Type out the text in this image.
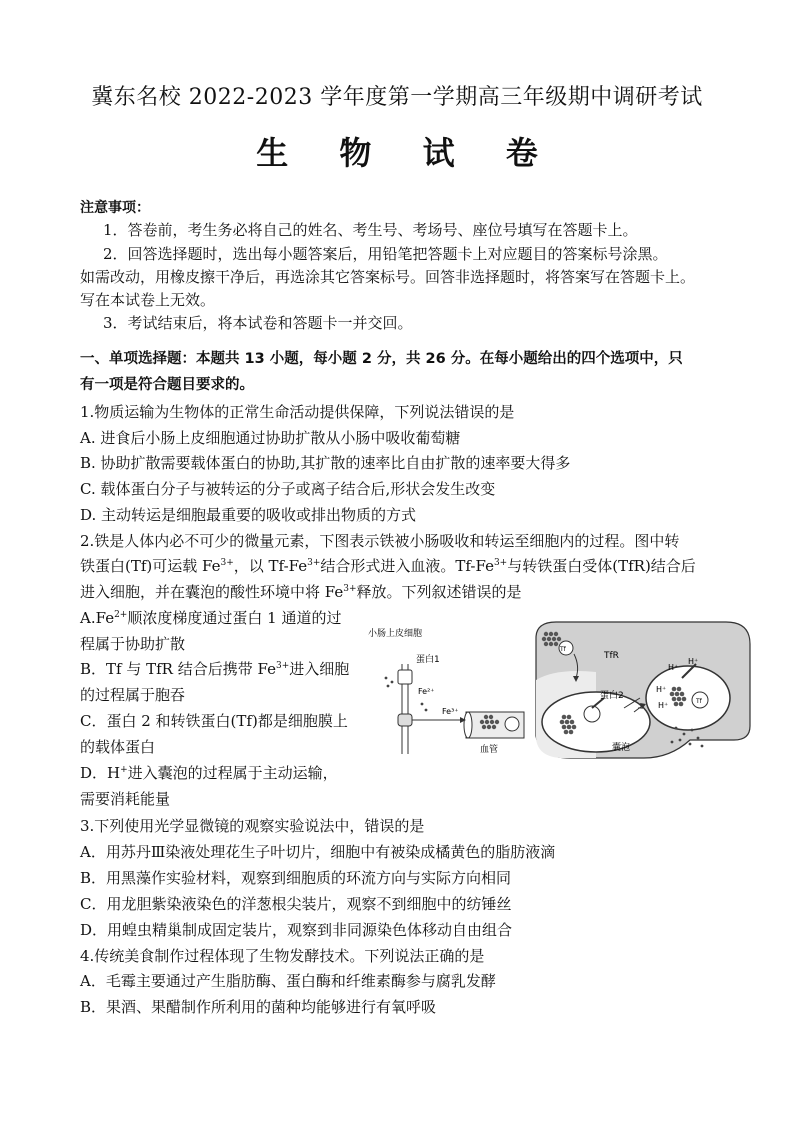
冀东名校 2022-2023 学年度第一学期高三年级期中调研考试
生 物 试 卷
注意事项：
1．答卷前，考生务必将自己的姓名、考生号、考场号、座位号填写在答题卡上。
2．回答选择题时，选出每小题答案后，用铅笔把答题卡上对应题目的答案标号涂黑。
如需改动，用橡皮擦干净后，再选涂其它答案标号。回答非选择题时，将答案写在答题卡上。
写在本试卷上无效。
3．考试结束后，将本试卷和答题卡一并交回。
一、单项选择题：本题共 13 小题，每小题 2 分，共 26 分。在每小题给出的四个选项中，只
有一项是符合题目要求的。
1.物质运输为生物体的正常生命活动提供保障，下列说法错误的是
A. 进食后小肠上皮细胞通过协助扩散从小肠中吸收葡萄糖
B. 协助扩散需要载体蛋白的协助,其扩散的速率比自由扩散的速率要大得多
C. 载体蛋白分子与被转运的分子或离子结合后,形状会发生改变
D. 主动转运是细胞最重要的吸收或排出物质的方式
2.铁是人体内必不可少的微量元素，下图表示铁被小肠吸收和转运至细胞内的过程。图中转
铁蛋白(Tf)可运载 $Fe^{3+}$，以 $Tf-Fe^{3+}$结合形式进入血液。$Tf-Fe^{3+}$与转铁蛋白受体(TfR)结合后
进入细胞，并在囊泡的酸性环境中将 $Fe^{3+}$释放。下列叙述错误的是
$A.Fe^{2+}$顺浓度梯度通过蛋白 1 通道的过
程属于协助扩散
B．Tf 与 TfR 结合后携带 $Fe^{3+}$进入细胞
的过程属于胞吞
C．蛋白 2 和转铁蛋白(Tf)都是细胞膜上
的载体蛋白
D．H+进入囊泡的过程属于主动运输，
需要消耗能量
小肠上皮细胞
蛋白1
Fe²⁺
Fe³⁺
血管
TfR
蛋白2
囊泡
Tf
Tf
H⁺
H⁺
H⁺
H⁺
3.下列使用光学显微镜的观察实验说法中，错误的是
A．用苏丹Ⅲ染液处理花生子叶切片，细胞中有被染成橘黄色的脂肪液滴
B．用黑藻作实验材料，观察到细胞质的环流方向与实际方向相同
C．用龙胆紫染液染色的洋葱根尖装片，观察不到细胞中的纺锤丝
D．用蝗虫精巢制成固定装片，观察到非同源染色体移动自由组合
4.传统美食制作过程体现了生物发酵技术。下列说法正确的是
A．毛霉主要通过产生脂肪酶、蛋白酶和纤维素酶参与腐乳发酵
B．果酒、果醋制作所利用的菌种均能够进行有氧呼吸
